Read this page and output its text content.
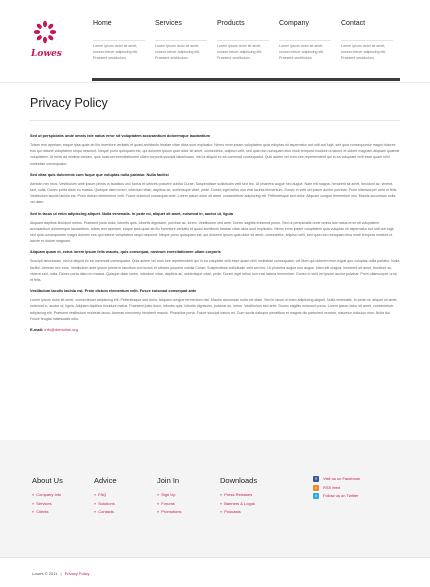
Lowes
Home
Lorem ipsum dolor sit amet, consec tetuer adipiscing elit. Praesent vestibulum.
Services
Lorem ipsum dolor sit amet, consec tetuer adipiscing elit. Praesent vestibulum.
Products
Lorem ipsum dolor sit amet, consec tetuer adipiscing elit. Praesent vestibulum.
Company
Lorem ipsum dolor sit amet, consec tetuer adipiscing elit. Praesent vestibulum.
Contact
Lorem ipsum dolor sit amet, consec tetuer adipiscing elit. Praesent vestibulum.
Privacy Policy
Sed ut perspiciatis unde omnis iste natus error sit voluptatem accusantium doloremque laudantium
Totam rem aperiam, eaque ipsa quae ab illo inventore veritatis et quasi architecto beatae vitae dicta sunt explicabo. Nemo enim ipsam voluptatem quia voluptas sit aspernatur aut odit aut fugit, sed quia consequuntur magni dolores eos qui ratione voluptatem sequi nesciunt. Neque porro quisquam est, qui dolorem ipsum quia dolor sit amet, consectetur, adipisci velit, sed quia non numquam eius modi tempora incidunt ut labore et dolore magnam aliquam quaerat voluptatem. Ut enim ad minima veniam, quis nostrum exercitationem ullam corporis suscipit laboriosam, nisi ut aliquid ex ea commodi consequatur. Quis autem vel eum iure reprehenderit qui in ea voluptate velit esse quam nihil molestiae consequatur.
Sed vitae quis doloremis cum fuque que voluptas nulla pariatur. Nulla facilisi
Aenean nec eros. Vestibulum ante ipsum primis in faucibus orci luctus et ultrices posuere cubilia Curae; Suspendisse sollicitudin velit sed leo. Ut pharetra augue nec augue. Nam elit magna, hendrerit sit amet, tincidunt ac, viverra sed, nulla. Donec porta diam eu massa. Quisque diam lorem, interdum vitae, dapibus ac, scelerisque vitae, pede. Donec eget tellus non erat lacinia fermentum. Donec in velit vel ipsum auctor pulvinar. Proin ullamcorper urna et felis. Vestibulum iaculis lacinia est. Proin dictum elementum velit. Fusce euismod consequat ante. Lorem ipsum dolor sit amet, consectetuer adipiscing elit. Pellentesque sed dolor. Aliquam congue fermentum nisl. Mauris accumsan nulla vel diam.
Sed in lacus ut enim adipiscing aliquet. Nulla venenatis. In pede mi, aliquet sit amet, euismod in, auctor ut, ligula
Aliquam dapibus tincidunt metus. Praesent justo dolor, lobortis quis, lobortis dignissim, pulvinar ac, lorem. Vestibulum sed ante. Donec sagittis euismod purus. Sed ut perspiciatis unde omnis iste natus error sit voluptatem accusantium doloremque laudantium, totam rem aperiam, eaque ipsa quae ab illo inventore veritatis et quasi architecto beatae vitae dicta sunt explicabo. Nemo enim ipsam voluptatem quia voluptas sit aspernatur aut odit aut fugit, sed quia consequuntur magni dolores eos qui ratione voluptatem sequi nesciunt. Neque porro quisquam est, qui dolorem ipsum quia dolor sit amet, consectetur, adipisci velit, sed quia non numquam eius modi tempora incidunt ut labore et dolore magnam.
Aliquam quam et, ectus lorem ipsum felis mauris, quis consequat, nostrum exercitationem ullam corporis
Suscipit laboriosam, nisi ut aliquid ex ea commodi consequatur. Quis autem vel eum iure reprehenderit qui in ea voluptate velit esse quam nihil molestiae consequatur, vel illum qui dolorem eum fugiat quo voluptas nulla pariatur. Nulla facilisi. Aenean nec eros. Vestibulum ante ipsum primis in faucibus orci luctus et ultrices posuere cubilia Curae; Suspendisse sollicitudin velit sed leo. Ut pharetra augue nec augue. Nam elit magna, hendrerit sit amet, tincidunt ac, viverra sed, nulla. Donec porta diam eu massa. Quisque diam lorem, interdum vitae, dapibus ac, scelerisque vitae, pede. Donec eget tellus non erat lacinia fermentum. Donec in velit vel ipsum auctor pulvinar. Proin ullamcorper urna et felis.
Vestibulum iaculis lacinia est. Proin dictum elementum velit. Fusce euismod consequat ante
Lorem ipsum dolor sit amet, consectetuer adipiscing elit. Pellentesque sed dolor. Aliquam congue fermentum nisl. Mauris accumsan nulla vel diam. Sed in lacus ut enim adipiscing aliquet. Nulla venenatis. In pede mi, aliquet sit amet, euismod in, auctor ut, ligula. Aliquam dapibus tincidunt metus. Praesent justo dolor, lobortis quis, lobortis dignissim, pulvinar ac, lorem. Vestibulum sed ante. Donec sagittis euismod purus. Lorem ipsum dolor sit amet, consectetuer adipiscing elit. Praesent vestibulum molestie lacus. Aenean nonummy hendrerit mauris. Phasellus porta. Fusce suscipit varius mi. Cum sociis natoque penatibus et magnis dis parturient montes, nascetur ridiculus mus. Nulla dui. Fusce feugiat malesuada odio.
E-mail: info@demolink.org
About Us
» Company Info
» Services
» Clients
Advice
» FAQ
» Solutions
» Contacts
Join In
» Sign Up
» Forums
» Promotions
Downloads
» Press Releases
» Banners & Logos
» Podcasts
f	Visit us on Facebook
r	RSS feed
t	Follow us on Twitter
Lowes © 2011 | Privacy Policy
